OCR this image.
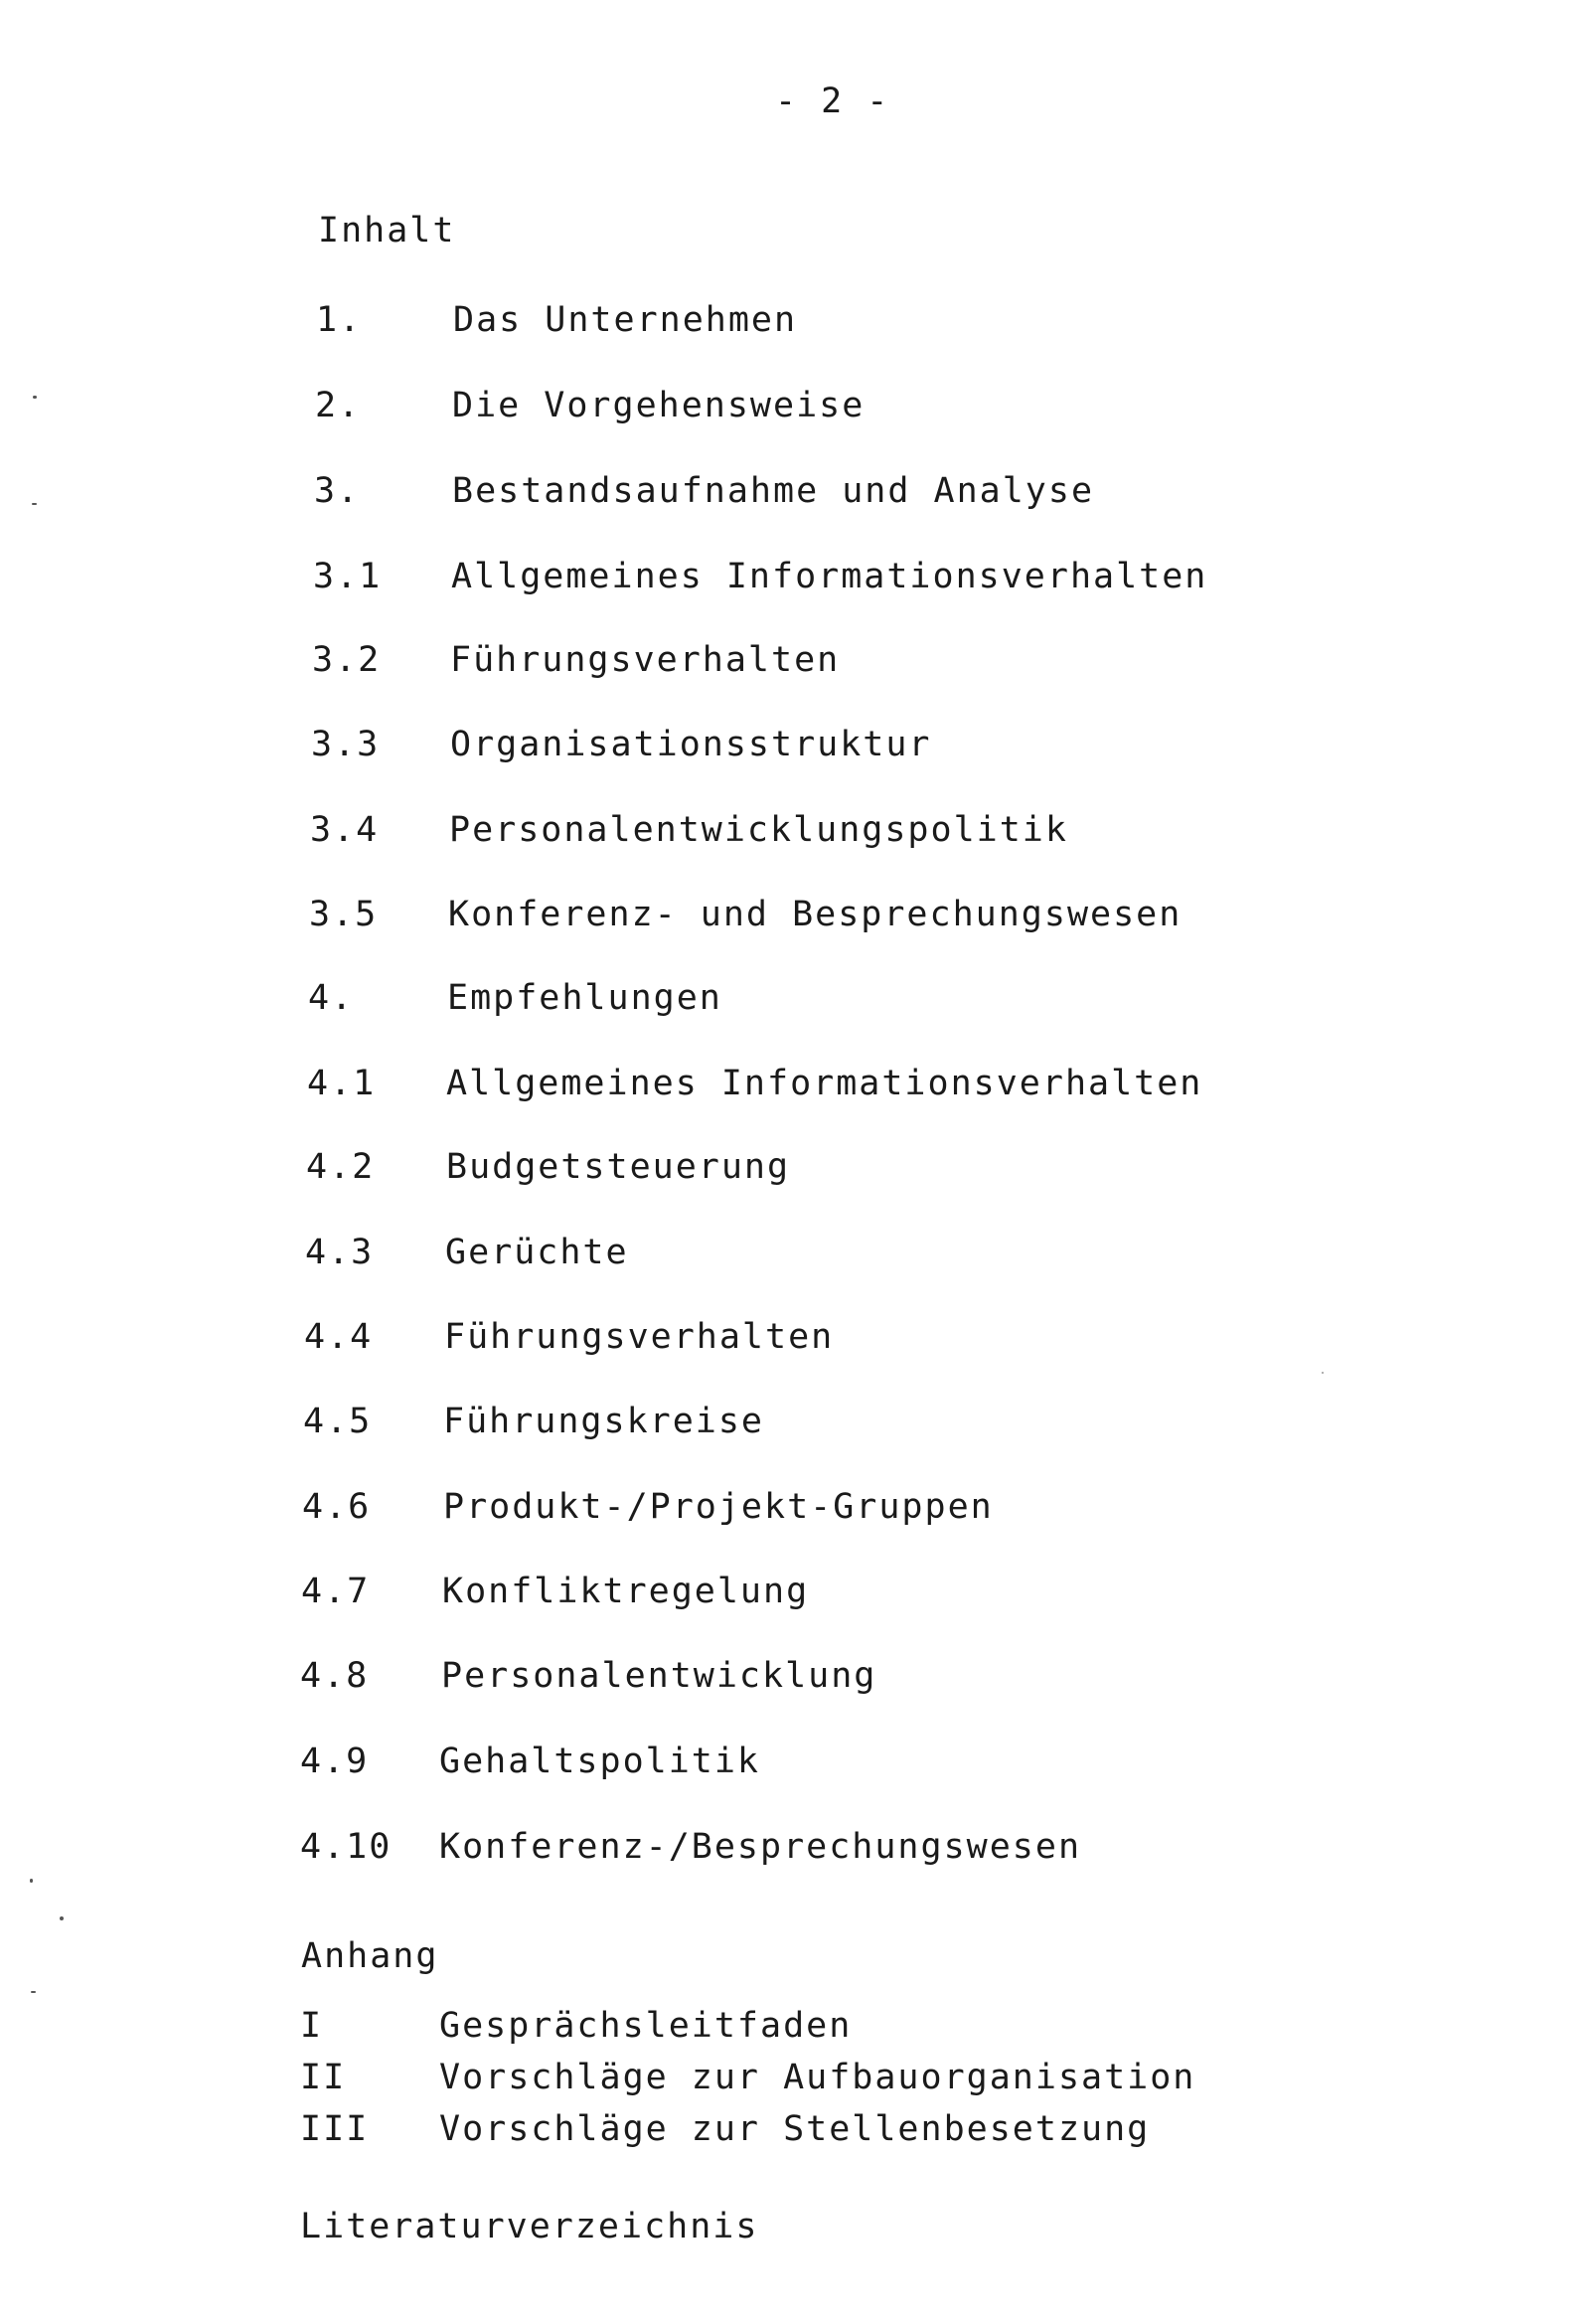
- 2 -
Inhalt
1.	Das Unternehmen
2.	Die Vorgehensweise
3.	Bestandsaufnahme und Analyse
3.1 Allgemeines Informationsverhalten
3.2 Führungsverhalten
3.3 Organisationsstruktur
3.4 Personalentwicklungspolitik
3.5 Konferenz- und Besprechungswesen
4.	Empfehlungen
4.1 Allgemeines Informationsverhalten
4.2 Budgetsteuerung
4.3 Gerüchte
4.4 Führungsverhalten
4.5 Führungskreise
4.6 Produkt-/Projekt-Gruppen
4.7 Konfliktregelung
4.8 Personalentwicklung
4.9 Gehaltspolitik
4.10 Konferenz-/Besprechungswesen
Anhang
I	Gesprächsleitfaden
II	Vorschläge zur Aufbauorganisation
III Vorschläge zur Stellenbesetzung
Literaturverzeichnis
